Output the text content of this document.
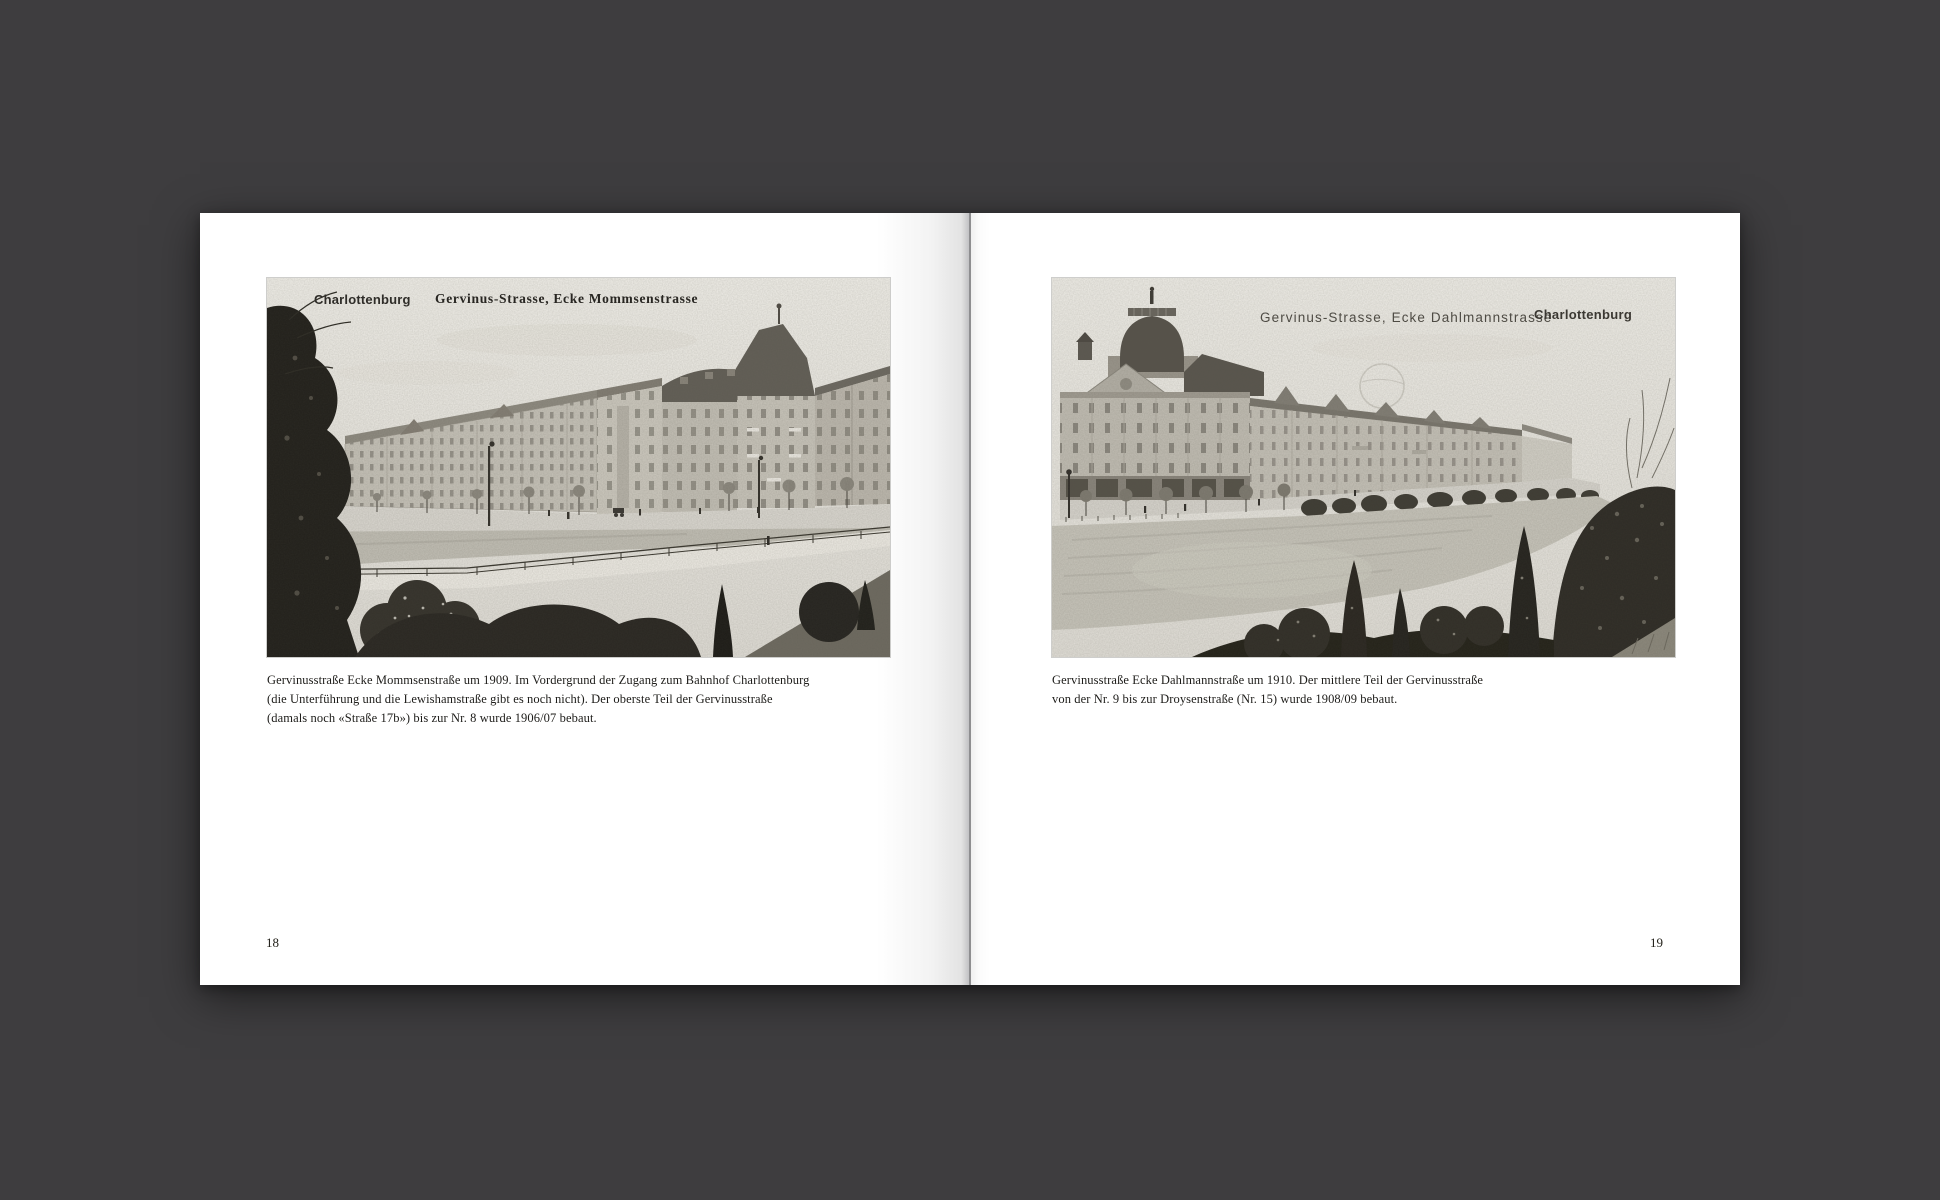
Charlottenburg Gervinus-Strasse, Ecke Mommsenstrasse
Gervinusstraße Ecke Mommsenstraße um 1909. Im Vordergrund der Zugang zum Bahnhof Charlottenburg
(die Unterführung und die Lewishamstraße gibt es noch nicht). Der oberste Teil der Gervinusstraße
(damals noch «Straße 17b») bis zur Nr. 8 wurde 1906/07 bebaut.
18
Gervinus-Strasse, Ecke Dahlmannstrasse
Charlottenburg
Gervinusstraße Ecke Dahlmannstraße um 1910. Der mittlere Teil der Gervinusstraße
von der Nr. 9 bis zur Droysenstraße (Nr. 15) wurde 1908/09 bebaut.
19
